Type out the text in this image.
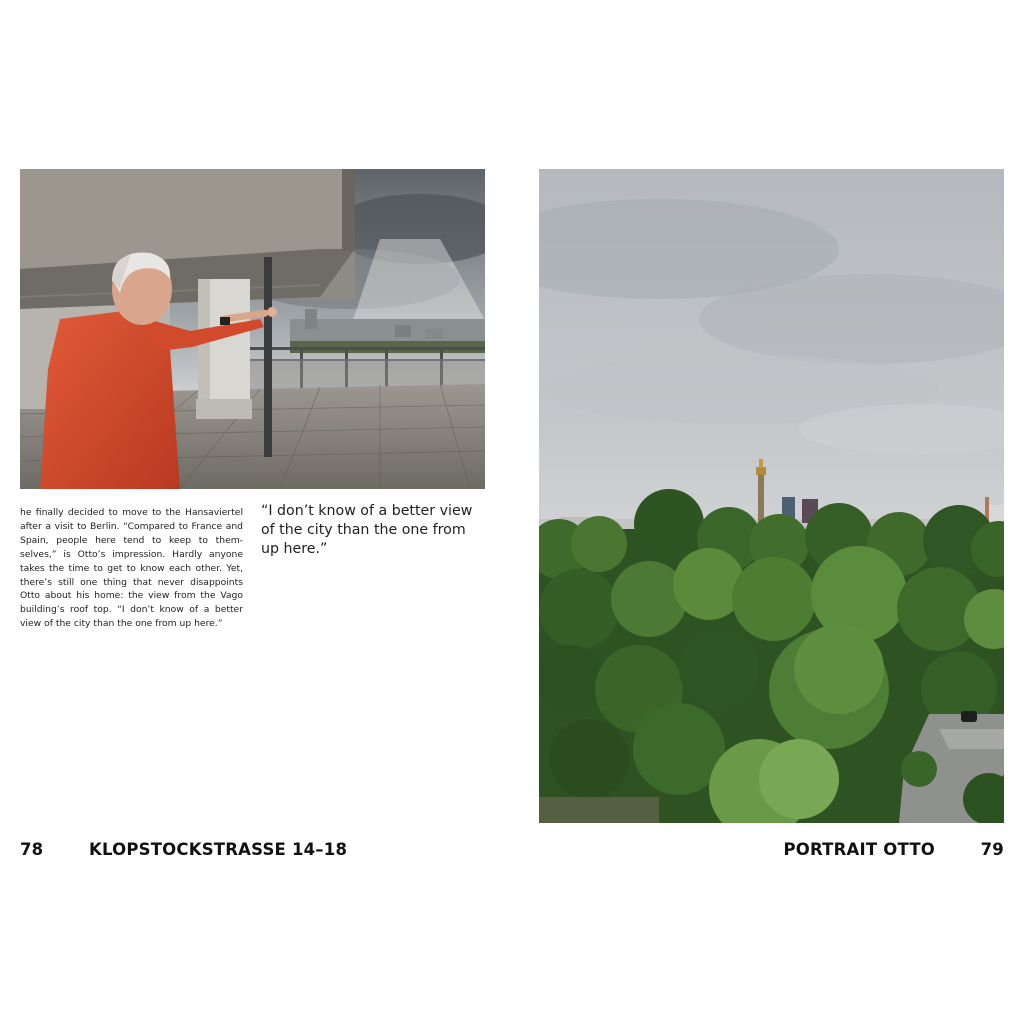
he finally decided to move to the Hansaviertel after a visit to Berlin. “Compared to France and Spain, people here tend to keep to them-selves,” is Otto’s impression. Hardly anyone takes the time to get to know each other. Yet, there’s still one thing that never disappoints Otto about his home: the view from the Vago building’s roof top. “I don’t know of a better view of the city than the one from up here.”
“I don’t know of a better view of the city than the one from up here.”
78	KLOPSTOCKSTRASSE 14–18	PORTRAIT OTTO	79
